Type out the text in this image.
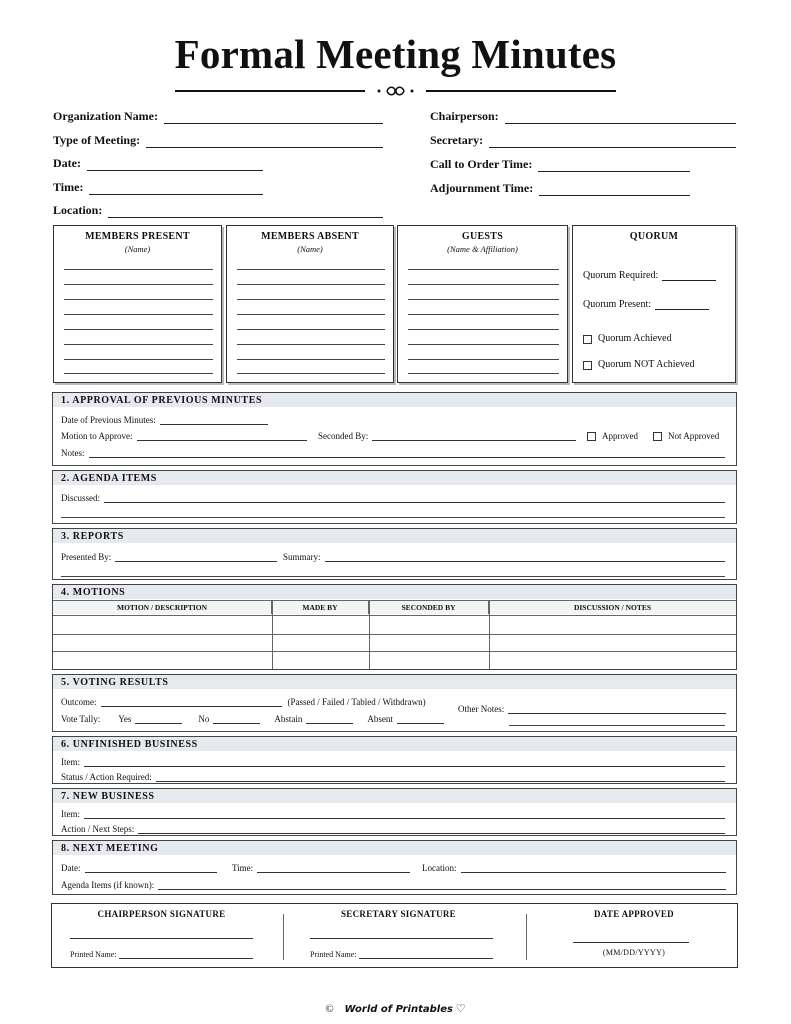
Formal Meeting Minutes
Organization Name:
Type of Meeting:
Date:
Time:
Location:
Chairperson:
Secretary:
Call to Order Time:
Adjournment Time:
MEMBERS PRESENT
(Name)
MEMBERS ABSENT
(Name)
GUESTS
(Name & Affiliation)
QUORUM
Quorum Required:
Quorum Present:
Quorum Achieved
Quorum NOT Achieved
1. APPROVAL OF PREVIOUS MINUTES
Date of Previous Minutes:
Motion to Approve:	Seconded By:	Approved	Not Approved
Notes:
2. AGENDA ITEMS
Discussed:
3. REPORTS
Presented By:	Summary:
4. MOTIONS
MOTION / DESCRIPTION	MADE BY	SECONDED BY	DISCUSSION / NOTES
5. VOTING RESULTS
Outcome:	(Passed / Failed / Tabled / Withdrawn)
Other Notes:
Vote Tally: Yes	No	Abstain	Absent
6. UNFINISHED BUSINESS
Item:
Status / Action Required:
7. NEW BUSINESS
Item:
Action / Next Steps:
8. NEXT MEETING
Date:	Time:	Location:
Agenda Items (if known):
CHAIRPERSON SIGNATURE	SECRETARY SIGNATURE	DATE APPROVED
Printed Name:	Printed Name:	(MM/DD/YYYY)
© World of Printables ♡
